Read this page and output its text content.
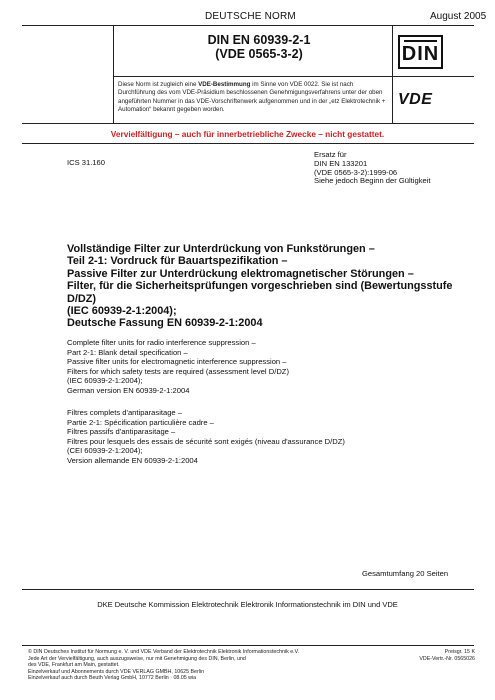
DEUTSCHE NORM	August 2005
DIN EN 60939-2-1
(VDE 0565-3-2)	DIN
Diese Norm ist zugleich eine VDE-Bestimmung im Sinne von VDE 0022. Sie ist nach Durchführung des vom VDE-Präsidium beschlossenen Genehmigungsverfahrens unter der oben angeführten Nummer in das VDE-Vorschriftenwerk aufgenommen und in der „etz Elektrotechnik + Automation“ bekannt gegeben worden.
VDE
Vervielfältigung – auch für innerbetriebliche Zwecke – nicht gestattet.
ICS 31.160
Ersatz für
DIN EN 133201
(VDE 0565-3-2):1999-06
Siehe jedoch Beginn der Gültigkeit
Vollständige Filter zur Unterdrückung von Funkstörungen –
Teil 2-1: Vordruck für Bauartspezifikation –
Passive Filter zur Unterdrückung elektromagnetischer Störungen –
Filter, für die Sicherheitsprüfungen vorgeschrieben sind (Bewertungsstufe
D/DZ)
(IEC 60939-2-1:2004);
Deutsche Fassung EN 60939-2-1:2004
Complete filter units for radio interference suppression –
Part 2-1: Blank detail specification –
Passive filter units for electromagnetic interference suppression –
Filters for which safety tests are required (assessment level D/DZ)
(IEC 60939-2-1:2004);
German version EN 60939-2-1:2004
Filtres complets d'antiparasitage –
Partie 2-1: Spécification particulière cadre –
Filtres passifs d'antiparasitage –
Filtres pour lesquels des essais de sécurité sont exigés (niveau d'assurance D/DZ)
(CEI 60939-2-1:2004);
Version allemande EN 60939-2-1:2004
Gesamtumfang 20 Seiten
DKE Deutsche Kommission Elektrotechnik Elektronik Informationstechnik im DIN und VDE
© DIN Deutsches Institut für Normung e. V. und VDE Verband der Elektrotechnik Elektronik Informationstechnik e.V.
Jede Art der Vervielfältigung, auch auszugsweise, nur mit Genehmigung des DIN, Berlin, und
des VDE, Frankfurt am Main, gestattet.
Einzelverkauf und Abonnements durch VDE VERLAG GMBH, 10625 Berlin
Einzelverkauf auch durch Beuth Verlag GmbH, 10772 Berlin · 08.05 wia
Preisgr. 15 K
VDE-Vertr.-Nr. 0565026
